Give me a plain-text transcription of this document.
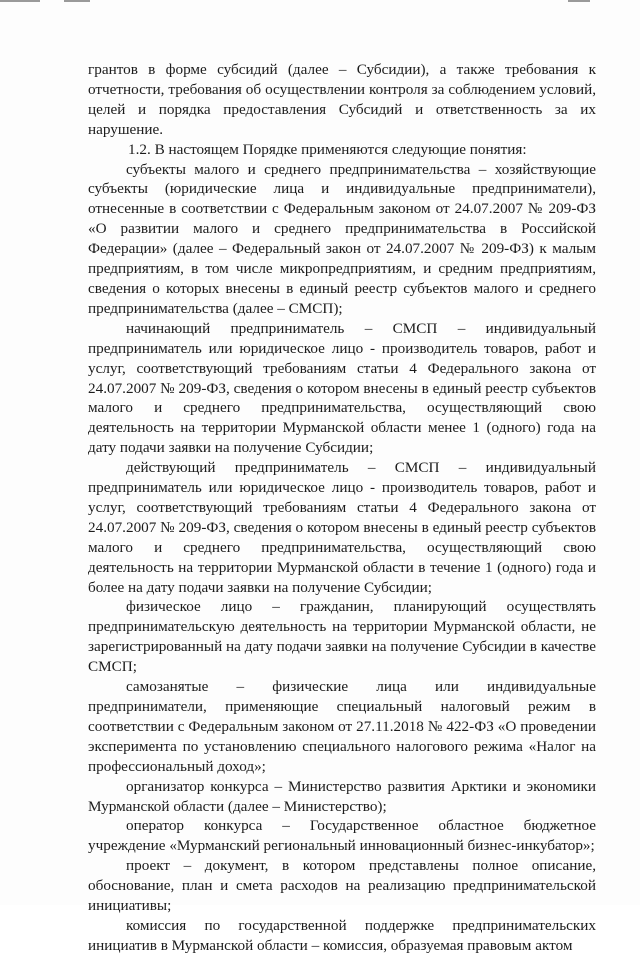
грантов в форме субсидий (далее – Субсидии), а также требования к отчетности, требования об осуществлении контроля за соблюдением условий, целей и порядка предоставления Субсидий и ответственность за их нарушение.

1.2. В настоящем Порядке применяются следующие понятия:

субъекты малого и среднего предпринимательства – хозяйствующие субъекты (юридические лица и индивидуальные предприниматели), отнесенные в соответствии с Федеральным законом от 24.07.2007 № 209-ФЗ «О развитии малого и среднего предпринимательства в Российской Федерации» (далее – Федеральный закон от 24.07.2007 № 209-ФЗ) к малым предприятиям, в том числе микропредприятиям, и средним предприятиям, сведения о которых внесены в единый реестр субъектов малого и среднего предпринимательства (далее – СМСП);

начинающий предприниматель – СМСП – индивидуальный предприниматель или юридическое лицо - производитель товаров, работ и услуг, соответствующий требованиям статьи 4 Федерального закона от 24.07.2007 № 209-ФЗ, сведения о котором внесены в единый реестр субъектов малого и среднего предпринимательства, осуществляющий свою деятельность на территории Мурманской области менее 1 (одного) года на дату подачи заявки на получение Субсидии;

действующий предприниматель – СМСП – индивидуальный предприниматель или юридическое лицо - производитель товаров, работ и услуг, соответствующий требованиям статьи 4 Федерального закона от 24.07.2007 № 209-ФЗ, сведения о котором внесены в единый реестр субъектов малого и среднего предпринимательства, осуществляющий свою деятельность на территории Мурманской области в течение 1 (одного) года и более на дату подачи заявки на получение Субсидии;

физическое лицо – гражданин, планирующий осуществлять предпринимательскую деятельность на территории Мурманской области, не зарегистрированный на дату подачи заявки на получение Субсидии в качестве СМСП;

самозанятые – физические лица или индивидуальные предприниматели, применяющие специальный налоговый режим в соответствии с Федеральным законом от 27.11.2018 № 422-ФЗ «О проведении эксперимента по установлению специального налогового режима «Налог на профессиональный доход»;

организатор конкурса – Министерство развития Арктики и экономики Мурманской области (далее – Министерство);

оператор конкурса – Государственное областное бюджетное учреждение «Мурманский региональный инновационный бизнес-инкубатор»;

проект – документ, в котором представлены полное описание, обоснование, план и смета расходов на реализацию предпринимательской инициативы;

комиссия по государственной поддержке предпринимательских инициатив в Мурманской области – комиссия, образуемая правовым актом
